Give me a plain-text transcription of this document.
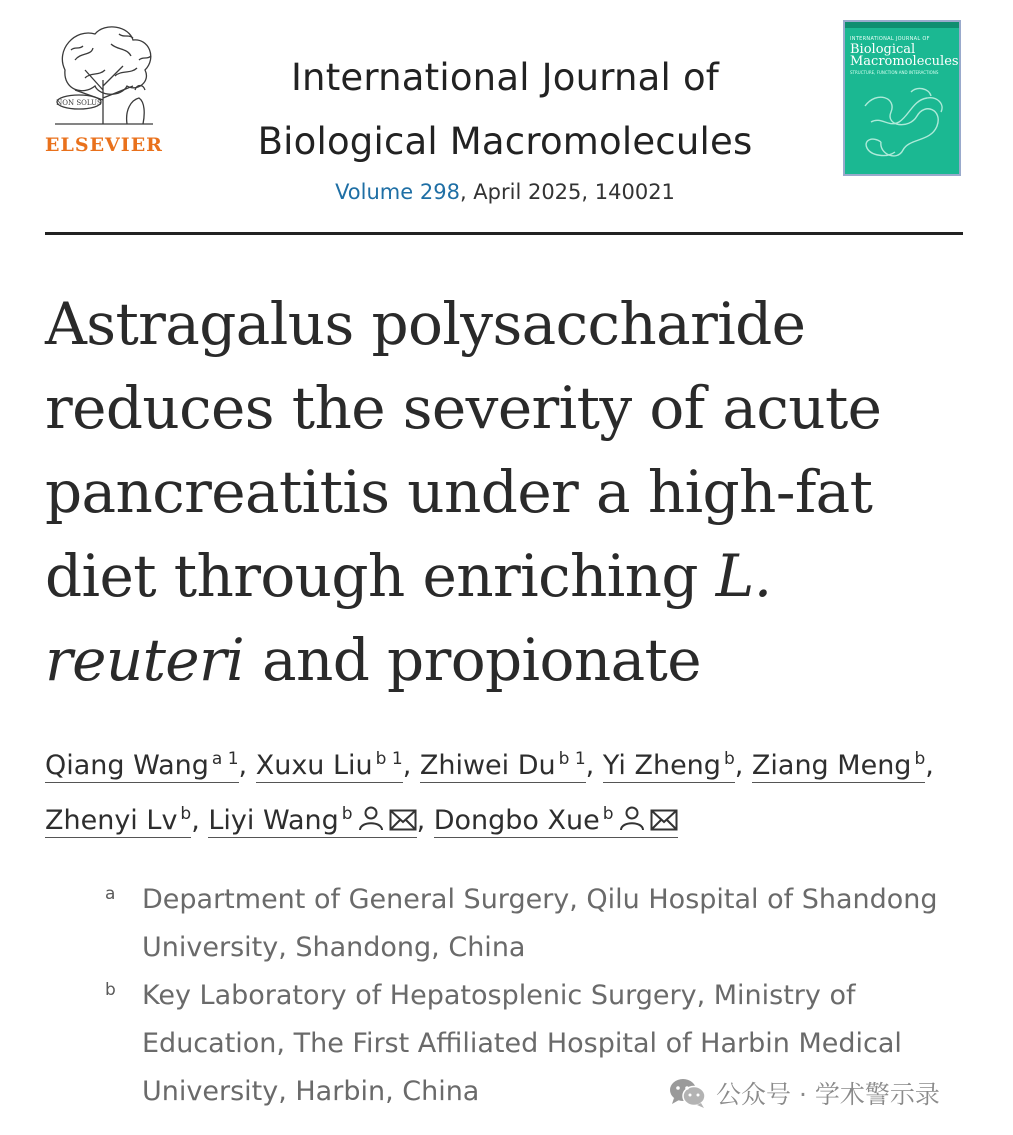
NON SOLUS
ELSEVIER
International Journal of
Biological Macromolecules
Volume 298, April 2025, 140021
INTERNATIONAL JOURNAL OF
Biological
Macromolecules
STRUCTURE, FUNCTION AND INTERACTIONS
Astragalus polysaccharide
reduces the severity of acute
pancreatitis under a high-fat
diet through enriching L.
reuteri and propionate
Qiang Wang $^{a 1}$, Xuxu Liu $^{b 1}$, Zhiwei Du $^{b 1}$, Yi Zheng $^b$, Ziang Meng $^b$,
Zhenyi Lv $^b$, Liyi Wang $^b$ , Dongbo Xue $^b$
a Department of General Surgery, Qilu Hospital of Shandong
University, Shandong, China
b Key Laboratory of Hepatosplenic Surgery, Ministry of
Education, The First Affiliated Hospital of Harbin Medical
University, Harbin, China	公众号 · 学术警示录
